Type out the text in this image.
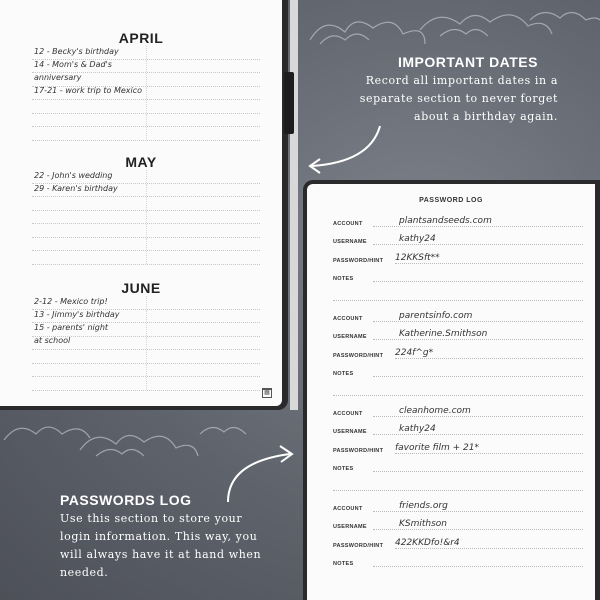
APRIL
12 - Becky's birthday
14 - Mom's & Dad's
anniversary
17-21 - work trip to Mexico
MAY
22 - John's wedding
29 - Karen's birthday
JUNE
2-12 - Mexico trip!
13 - Jimmy's birthday
15 - parents' night
at school
▦
IMPORTANT DATES
Record all important dates in a
separate section to never forget
about a birthday again.
PASSWORD LOG
ACCOUNT	plantsandseeds.com
USERNAME	kathy24
PASSWORD/HINT 12KKSft**
NOTES
ACCOUNT	parentsinfo.com
USERNAME	Katherine.Smithson
PASSWORD/HINT 224f^g*
NOTES
ACCOUNT	cleanhome.com
USERNAME	kathy24
PASSWORD/HINT favorite film + 21*
NOTES
ACCOUNT	friends.org
USERNAME	KSmithson
PASSWORD/HINT 422KKDfo!&r4
NOTES
PASSWORDS LOG
Use this section to store your
login information. This way, you
will always have it at hand when
needed.
